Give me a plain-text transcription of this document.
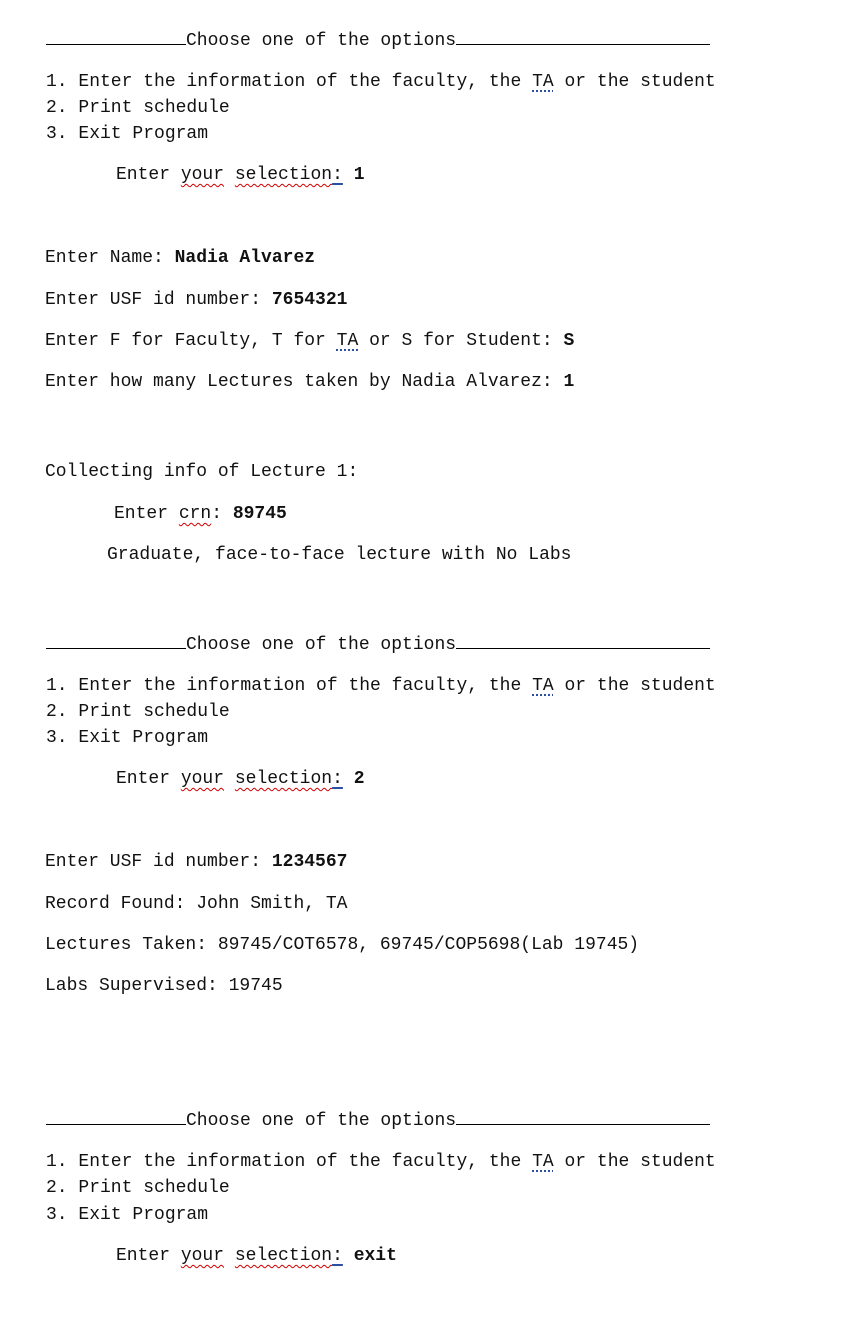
Choose one of the options
1. Enter the information of the faculty, the TA or the student
2. Print schedule
3. Exit Program
Enter your selection: 1
Enter Name: Nadia Alvarez
Enter USF id number: 7654321
Enter F for Faculty, T for TA or S for Student: S
Enter how many Lectures taken by Nadia Alvarez: 1
Collecting info of Lecture 1:
Enter crn: 89745
Graduate, face-to-face lecture with No Labs
Choose one of the options
1. Enter the information of the faculty, the TA or the student
2. Print schedule
3. Exit Program
Enter your selection: 2
Enter USF id number: 1234567
Record Found: John Smith, TA
Lectures Taken: 89745/COT6578, 69745/COP5698(Lab 19745)
Labs Supervised: 19745
Choose one of the options
1. Enter the information of the faculty, the TA or the student
2. Print schedule
3. Exit Program
Enter your selection: exit
